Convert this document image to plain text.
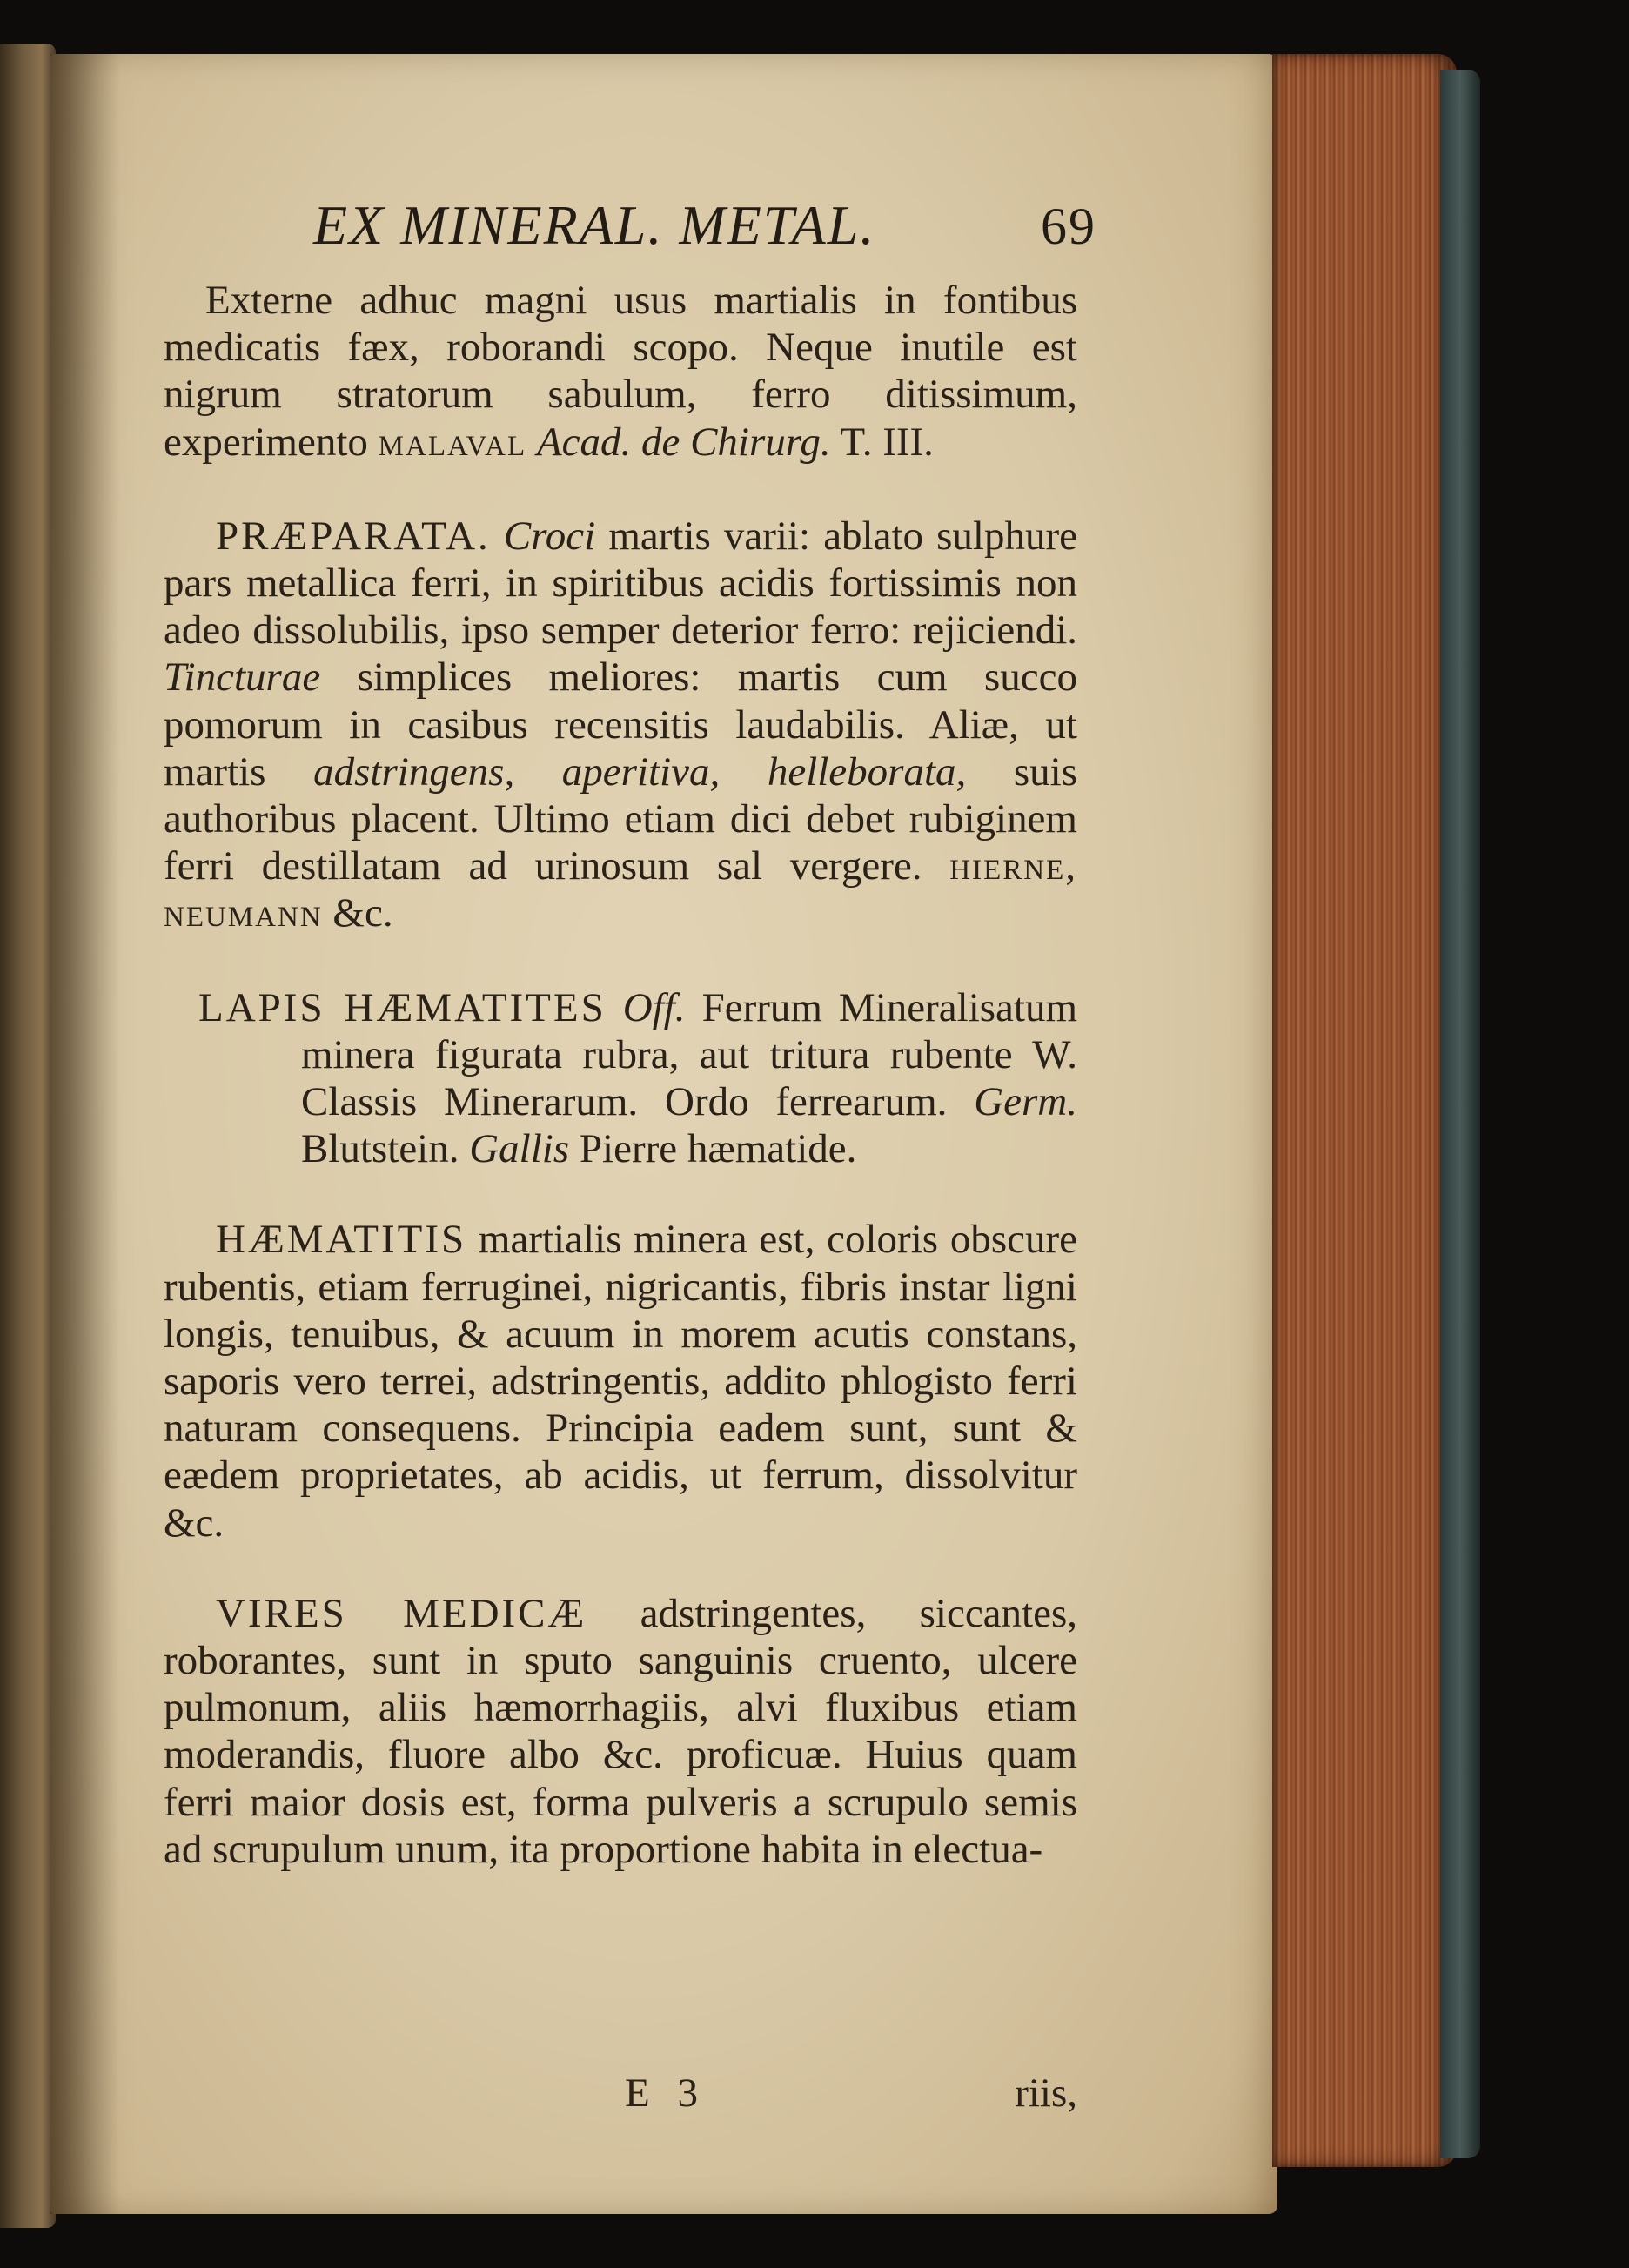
EX MINERAL. METAL.	69

Externe adhuc magni usus martialis in fontibus medicatis fæx, roborandi scopo. Neque inutile est nigrum stratorum sabulum, ferro ditissimum, experimento malaval Acad. de Chirurg. T. III.

PRÆPARATA. Croci martis varii: ablato sulphure pars metallica ferri, in spiritibus acidis fortissimis non adeo dissolubilis, ipso semper deterior ferro: rejiciendi. Tincturae simplices meliores: martis cum succo pomorum in casibus recensitis laudabilis. Aliæ, ut martis adstringens, aperitiva, helleborata, suis authoribus placent. Ultimo etiam dici debet rubiginem ferri destillatam ad urinosum sal vergere. hierne, neumann &c.

LAPIS HÆMATITES Off. Ferrum Mineralisatum minera figurata rubra, aut tritura rubente W. Classis Minerarum. Ordo ferrearum. Germ. Blutstein. Gallis Pierre hæmatide.

HÆMATITIS martialis minera est, coloris obscure rubentis, etiam ferruginei, nigricantis, fibris instar ligni longis, tenuibus, & acuum in morem acutis constans, saporis vero terrei, adstringentis, addito phlogisto ferri naturam consequens. Principia eadem sunt, sunt & eædem proprietates, ab acidis, ut ferrum, dissolvitur &c.

VIRES MEDICÆ adstringentes, siccantes, roborantes, sunt in sputo sanguinis cruento, ulcere pulmonum, aliis hæmorrhagiis, alvi fluxibus etiam moderandis, fluore albo &c. proficuæ. Huius quam ferri maior dosis est, forma pulveris a scrupulo semis ad scrupulum unum, ita proportione habita in electua-

E 3	riis,
